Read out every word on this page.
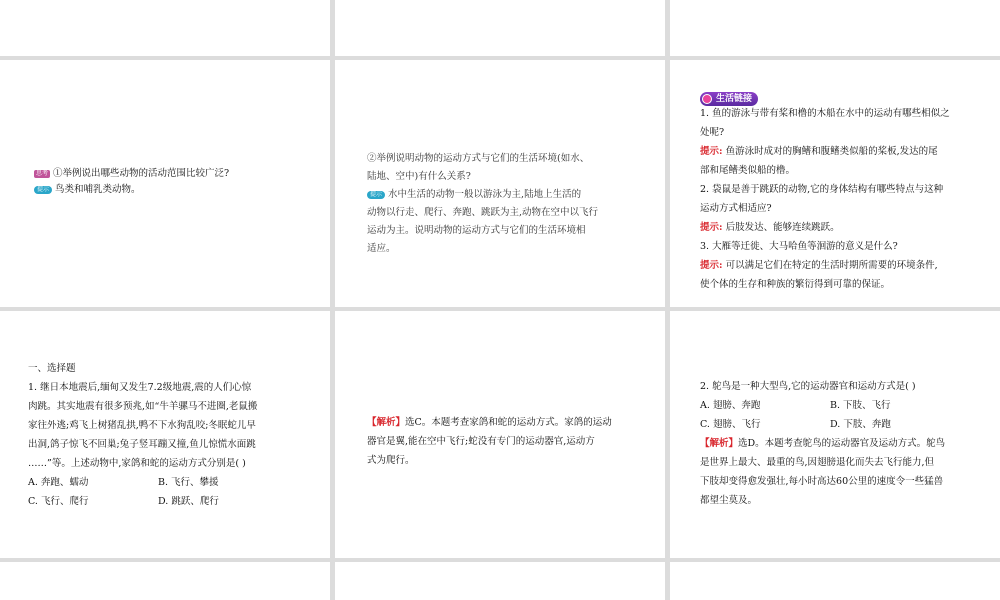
思考 ①举例说出哪些动物的活动范围比较广泛?
提示 鸟类和哺乳类动物。
②举例说明动物的运动方式与它们的生活环境(如水、
陆地、空中)有什么关系?
提示 水中生活的动物一般以游泳为主,陆地上生活的
动物以行走、爬行、奔跑、跳跃为主,动物在空中以飞行
运动为主。说明动物的运动方式与它们的生活环境相
适应。
生活链接
1. 鱼的游泳与带有桨和橹的木船在水中的运动有哪些相似之
处呢?
提示: 鱼游泳时成对的胸鳍和腹鳍类似船的桨板,发达的尾
部和尾鳍类似船的橹。
2. 袋鼠是善于跳跃的动物,它的身体结构有哪些特点与这种
运动方式相适应?
提示: 后肢发达、能够连续跳跃。
3. 大雁等迁徙、大马哈鱼等洄游的意义是什么?
提示: 可以满足它们在特定的生活时期所需要的环境条件,
使个体的生存和种族的繁衍得到可靠的保证。
一、选择题
1. 继日本地震后,缅甸又发生7.2级地震,震的人们心惊
肉跳。其实地震有很多预兆,如“牛羊骡马不进圈,老鼠搬
家往外逃;鸡飞上树猪乱拱,鸭不下水狗乱咬;冬眠蛇儿早
出洞,鸽子惊飞不回巢;兔子竖耳蹦又撞,鱼儿惊慌水面跳
……”等。上述动物中,家鸽和蛇的运动方式分别是( )
A. 奔跑、蠕动	B. 飞行、攀援
C. 飞行、爬行	D. 跳跃、爬行
【解析】选C。本题考查家鸽和蛇的运动方式。家鸽的运动
器官是翼,能在空中飞行;蛇没有专门的运动器官,运动方
式为爬行。
2. 鸵鸟是一种大型鸟,它的运动器官和运动方式是( )
A. 翅膀、奔跑	B. 下肢、飞行
C. 翅膀、飞行	D. 下肢、奔跑
【解析】选D。本题考查鸵鸟的运动器官及运动方式。鸵鸟
是世界上最大、最重的鸟,因翅膀退化而失去飞行能力,但
下肢却变得愈发强壮,每小时高达60公里的速度令一些猛兽
都望尘莫及。
